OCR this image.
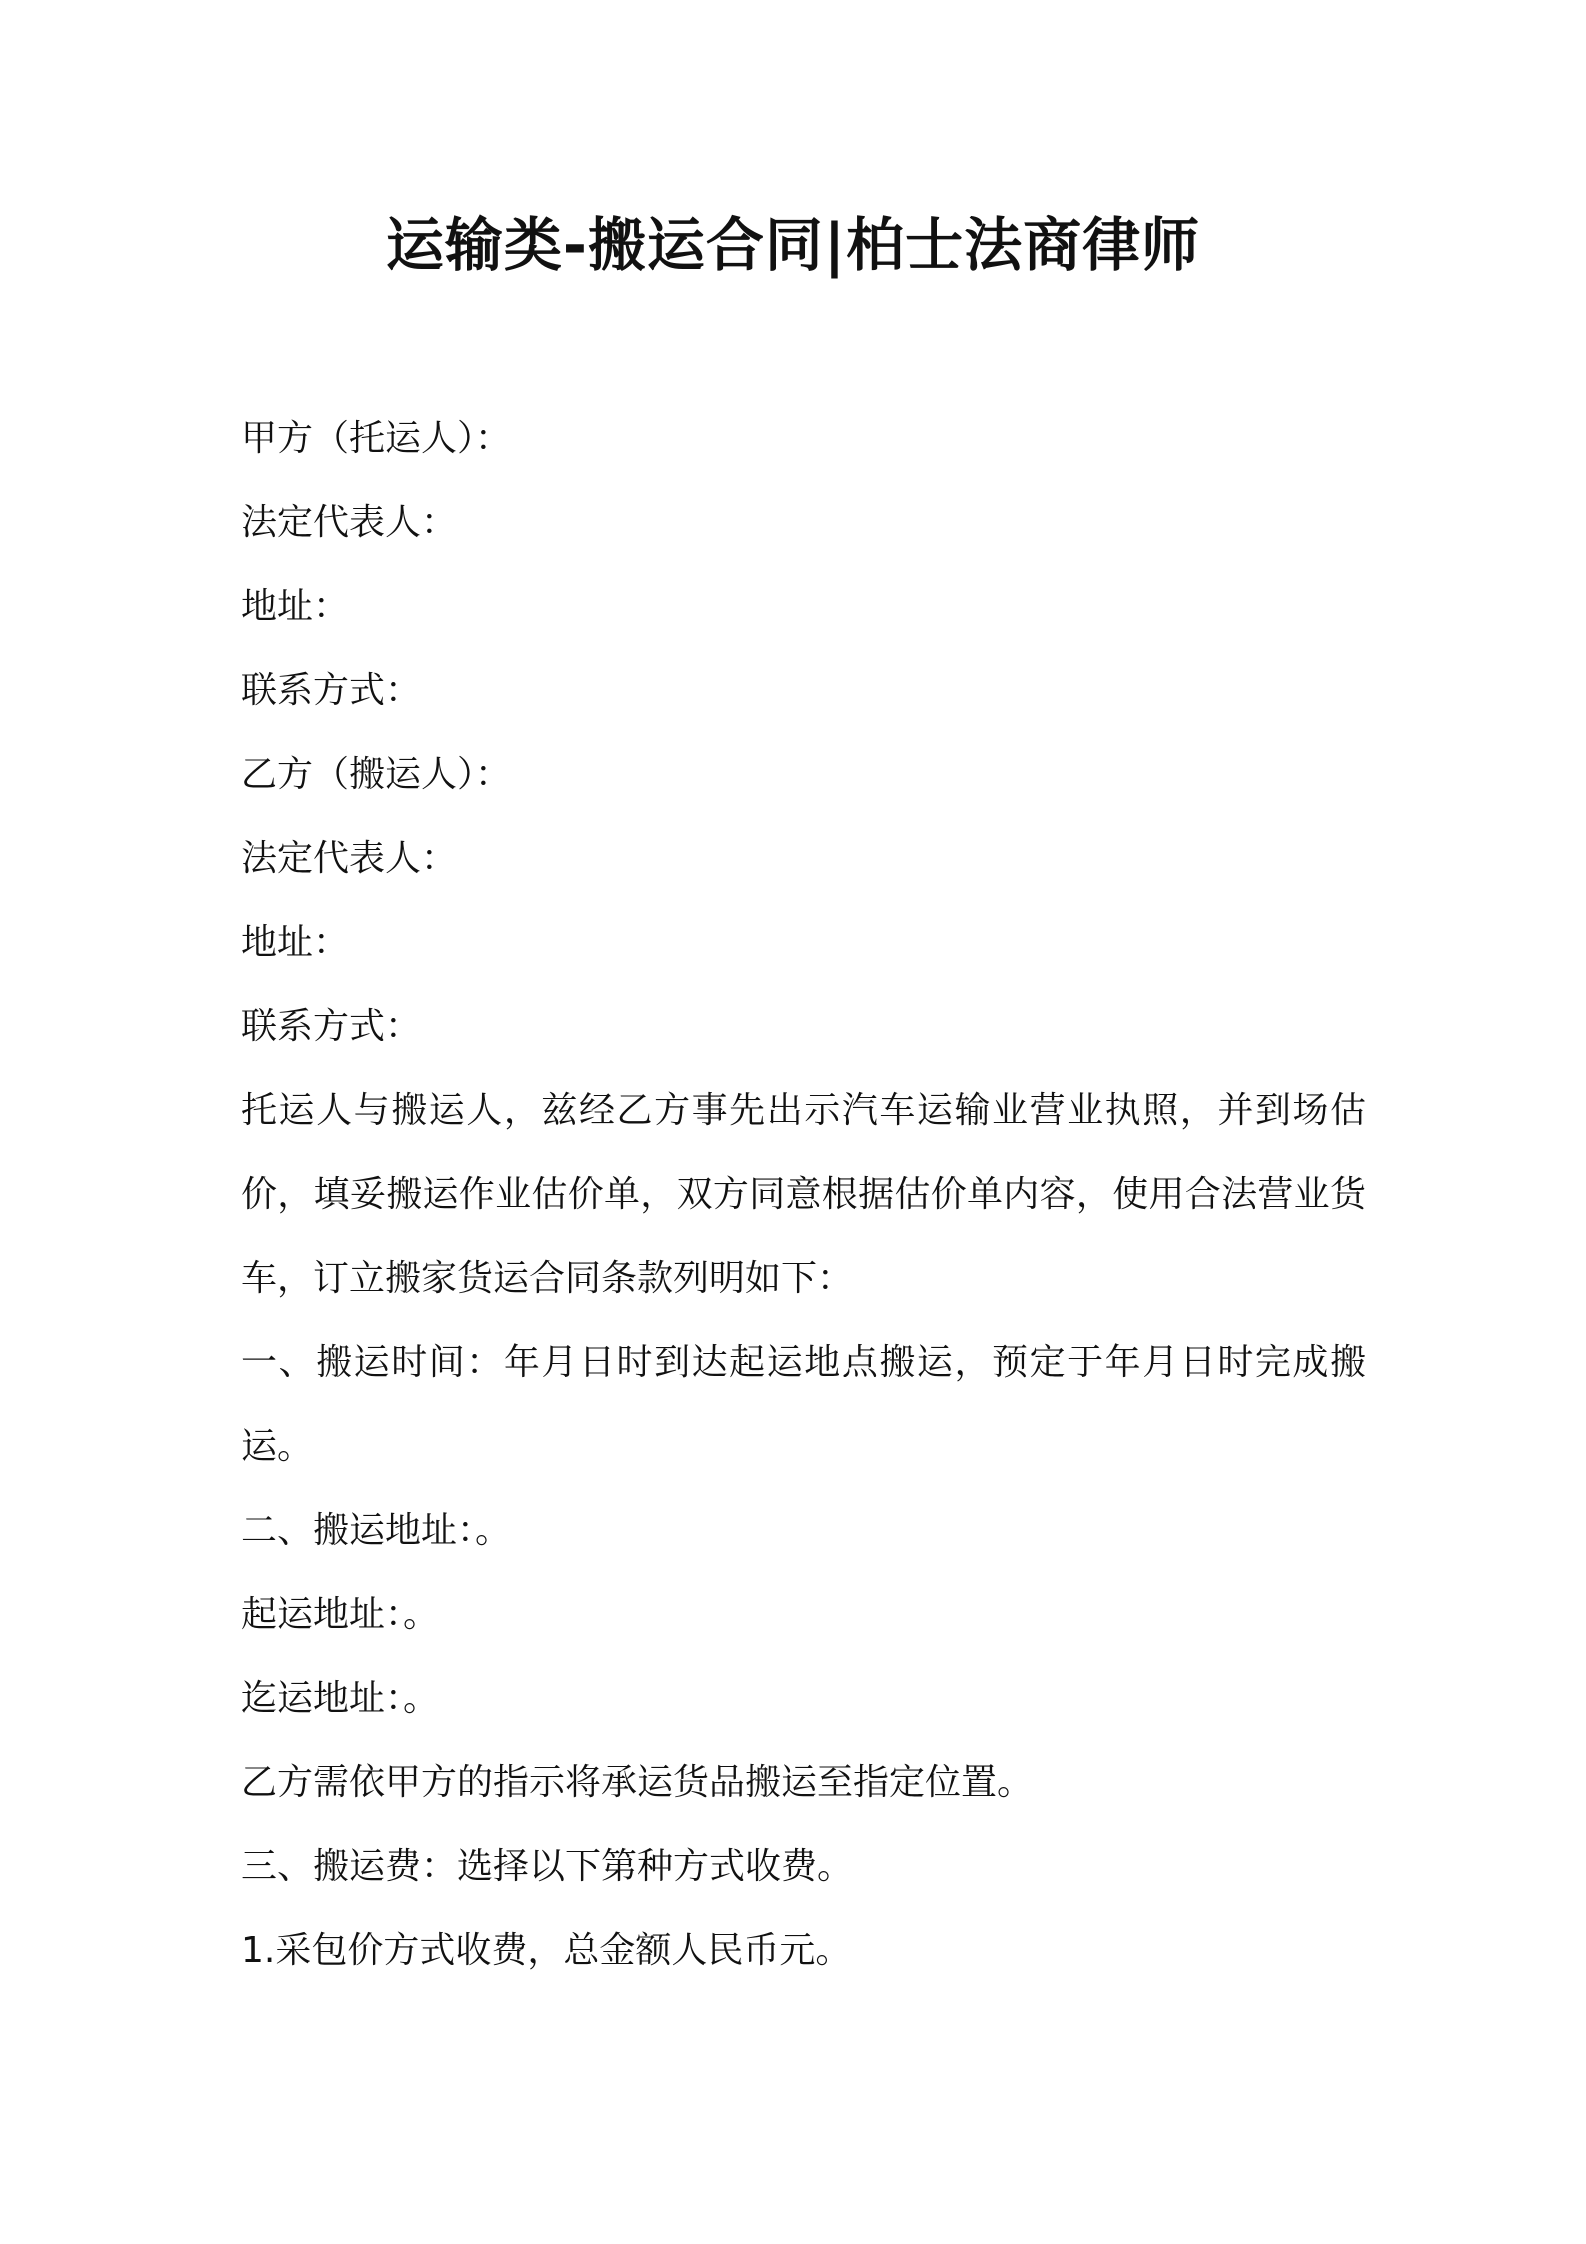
运输类-搬运合同|柏士法商律师
甲方（托运人）：
法定代表人：
地址：
联系方式：
乙方（搬运人）：
法定代表人：
地址：
联系方式：
托运人与搬运人，兹经乙方事先出示汽车运输业营业执照，并到场估价，填妥搬运作业估价单，双方同意根据估价单内容，使用合法营业货车，订立搬家货运合同条款列明如下：
一、搬运时间：年月日时到达起运地点搬运，预定于年月日时完成搬运。
二、搬运地址：。
起运地址：。
迄运地址：。
乙方需依甲方的指示将承运货品搬运至指定位置。
三、搬运费：选择以下第种方式收费。
1.采包价方式收费，总金额人民币元。
